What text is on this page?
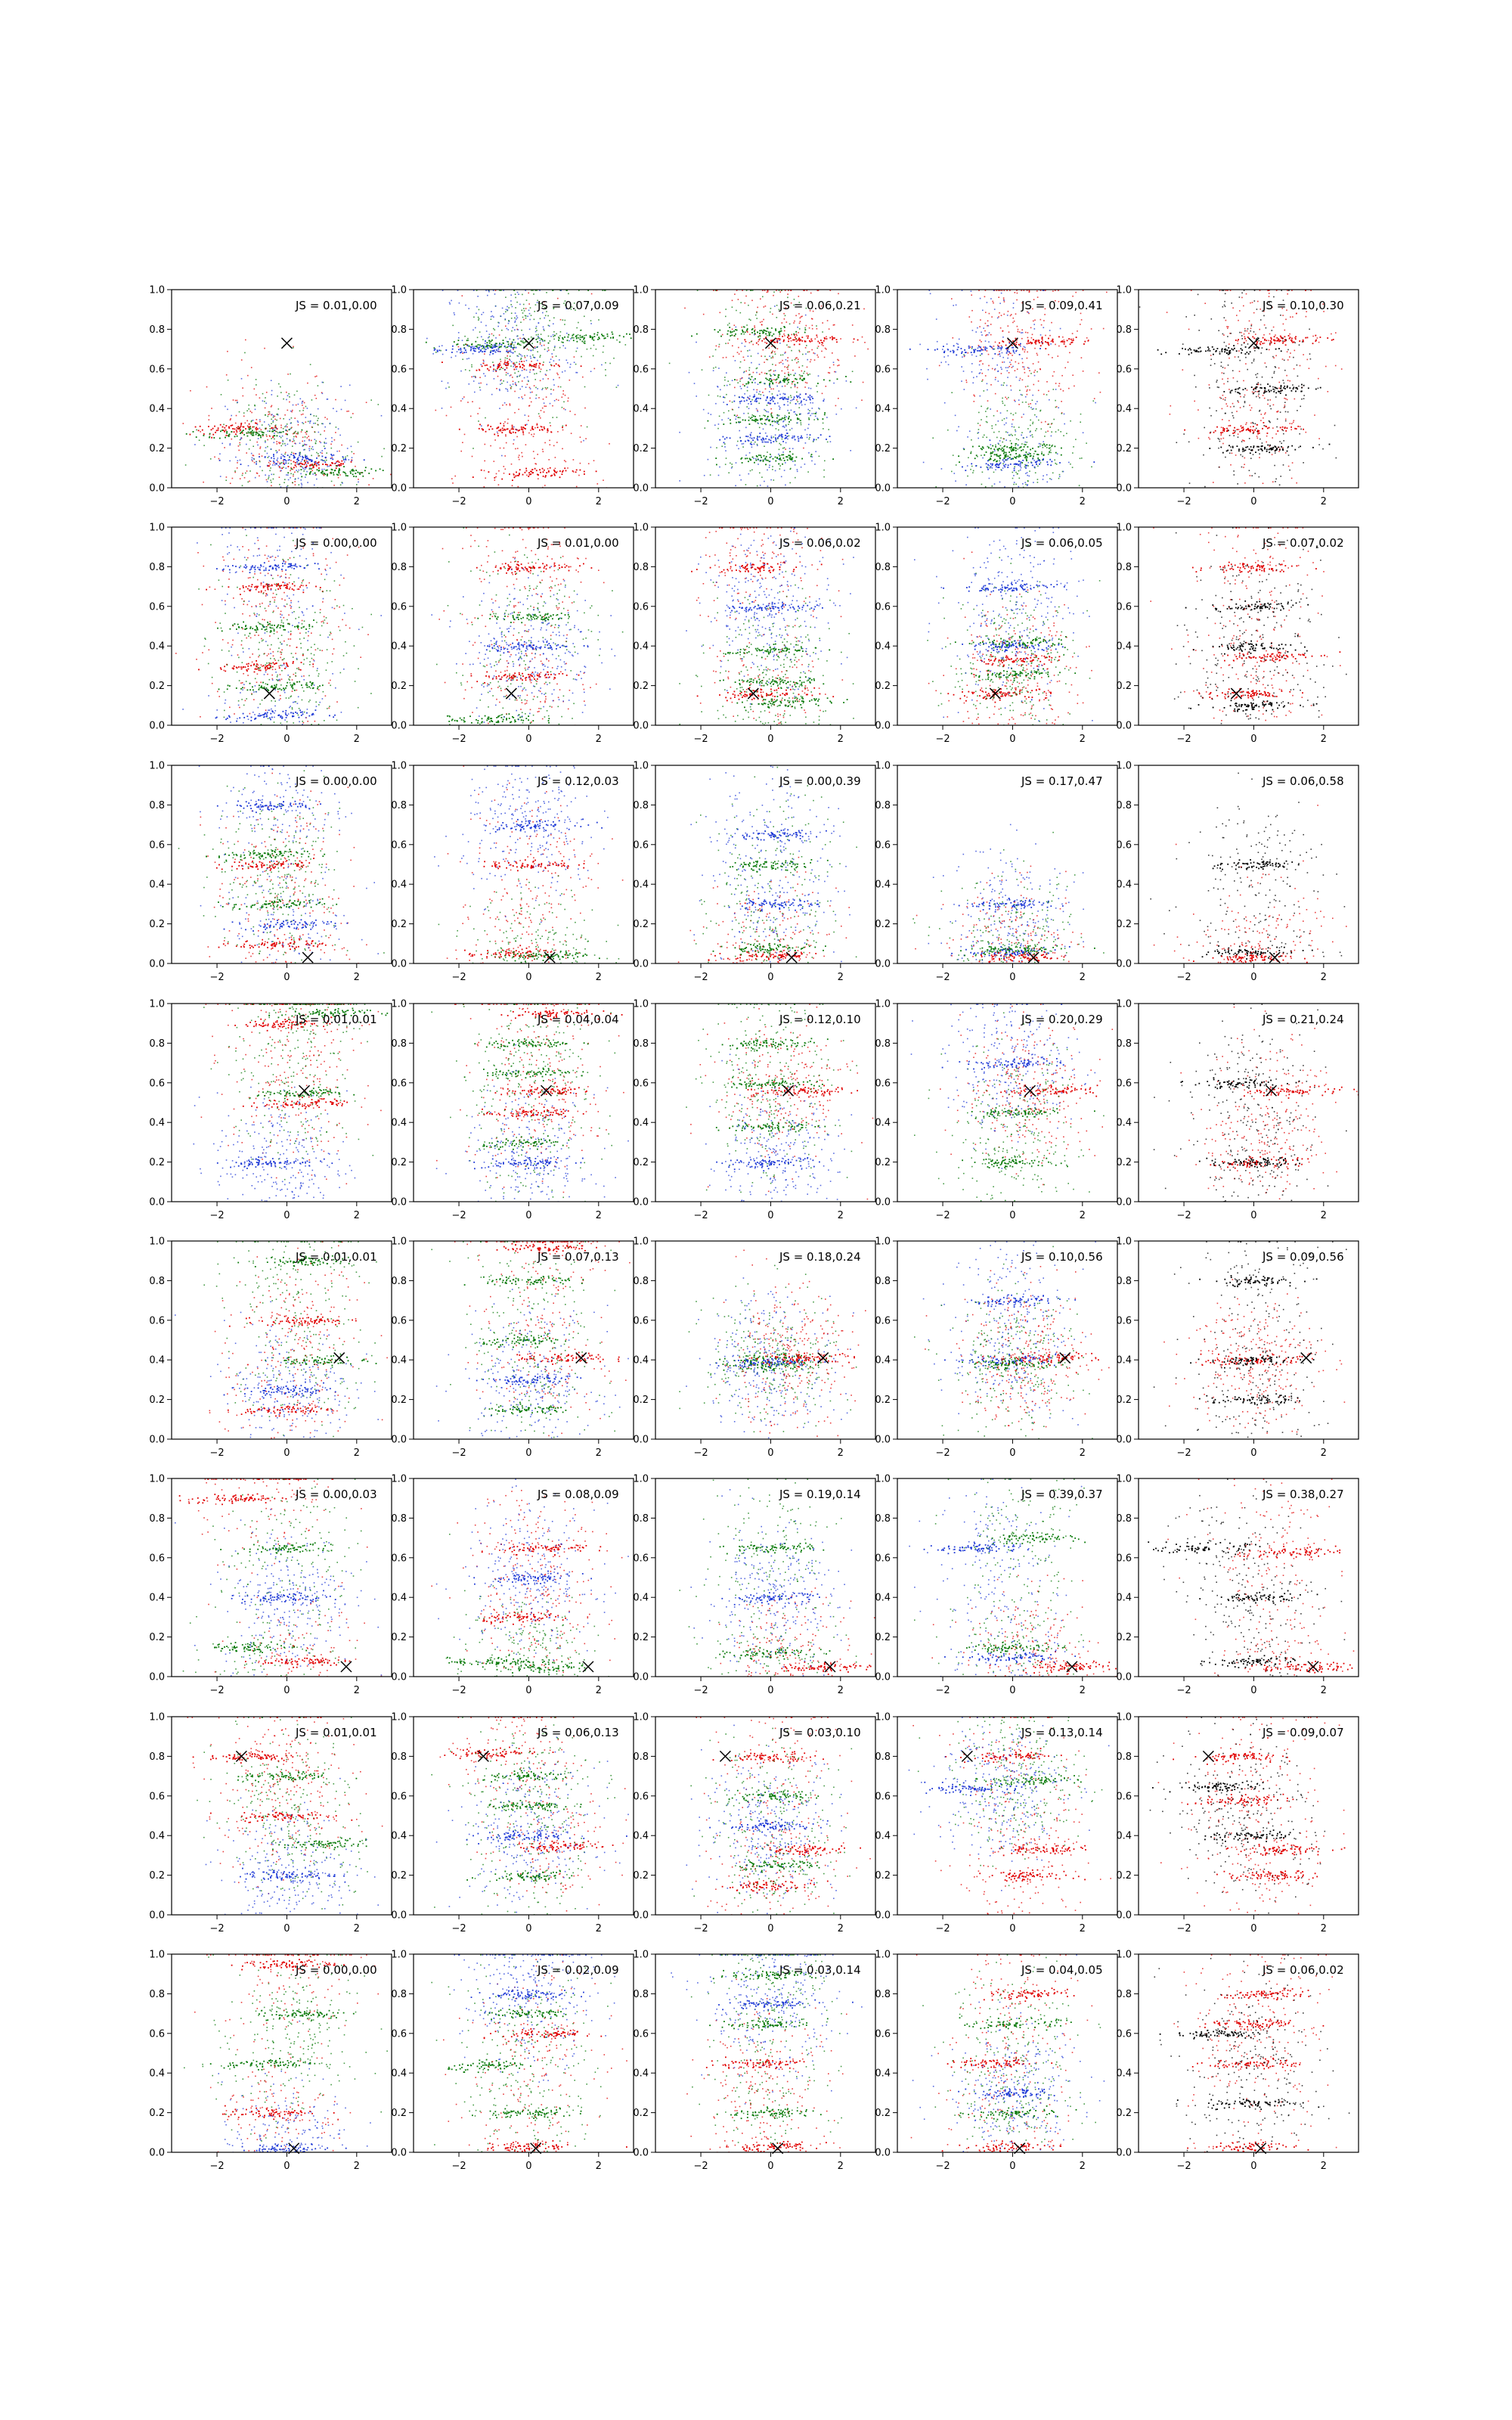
−2	0	2
0.0
0.2
0.4
0.6
0.8
1.0
JS = 0.01,0.00
−2	0	2
0.0
0.2
0.4
0.6
0.8
1.0
JS = 0.07,0.09
−2	0	2
0.0
0.2
0.4
0.6
0.8
1.0
JS = 0.06,0.21
−2	0	2
0.0
0.2
0.4
0.6
0.8
1.0
JS = 0.09,0.41
−2	0	2
0.0
0.2
0.4
0.6
0.8
1.0
JS = 0.10,0.30
−2	0	2
0.0
0.2
0.4
0.6
0.8
1.0
JS = 0.00,0.00
−2	0	2
0.0
0.2
0.4
0.6
0.8
1.0
JS = 0.01,0.00
−2	0	2
0.0
0.2
0.4
0.6
0.8
1.0
JS = 0.06,0.02
−2	0	2
0.0
0.2
0.4
0.6
0.8
1.0
JS = 0.06,0.05
−2	0	2
0.0
0.2
0.4
0.6
0.8
1.0
JS = 0.07,0.02
−2	0	2
0.0
0.2
0.4
0.6
0.8
1.0
JS = 0.00,0.00
−2	0	2
0.0
0.2
0.4
0.6
0.8
1.0
JS = 0.12,0.03
−2	0	2
0.0
0.2
0.4
0.6
0.8
1.0
JS = 0.00,0.39
−2	0	2
0.0
0.2
0.4
0.6
0.8
1.0
JS = 0.17,0.47
−2	0	2
0.0
0.2
0.4
0.6
0.8
1.0
JS = 0.06,0.58
−2	0	2
0.0
0.2
0.4
0.6
0.8
1.0
JS = 0.01,0.01
−2	0	2
0.0
0.2
0.4
0.6
0.8
1.0
JS = 0.04,0.04
−2	0	2
0.0
0.2
0.4
0.6
0.8
1.0
JS = 0.12,0.10
−2	0	2
0.0
0.2
0.4
0.6
0.8
1.0
JS = 0.20,0.29
−2	0	2
0.0
0.2
0.4
0.6
0.8
1.0
JS = 0.21,0.24
−2	0	2
0.0
0.2
0.4
0.6
0.8
1.0
JS = 0.01,0.01
−2	0	2
0.0
0.2
0.4
0.6
0.8
1.0
JS = 0.07,0.13
−2	0	2
0.0
0.2
0.4
0.6
0.8
1.0
JS = 0.18,0.24
−2	0	2
0.0
0.2
0.4
0.6
0.8
1.0
JS = 0.10,0.56
−2	0	2
0.0
0.2
0.4
0.6
0.8
1.0
JS = 0.09,0.56
−2	0	2
0.0
0.2
0.4
0.6
0.8
1.0
JS = 0.00,0.03
−2	0	2
0.0
0.2
0.4
0.6
0.8
1.0
JS = 0.08,0.09
−2	0	2
0.0
0.2
0.4
0.6
0.8
1.0
JS = 0.19,0.14
−2	0	2
0.0
0.2
0.4
0.6
0.8
1.0
JS = 0.39,0.37
−2	0	2
0.0
0.2
0.4
0.6
0.8
1.0
JS = 0.38,0.27
−2	0	2
0.0
0.2
0.4
0.6
0.8
1.0
JS = 0.01,0.01
−2	0	2
0.0
0.2
0.4
0.6
0.8
1.0
JS = 0.06,0.13
−2	0	2
0.0
0.2
0.4
0.6
0.8
1.0
JS = 0.03,0.10
−2	0	2
0.0
0.2
0.4
0.6
0.8
1.0
JS = 0.13,0.14
−2	0	2
0.0
0.2
0.4
0.6
0.8
1.0
JS = 0.09,0.07
−2	0	2
0.0
0.2
0.4
0.6
0.8
1.0
JS = 0.00,0.00
−2	0	2
0.0
0.2
0.4
0.6
0.8
1.0
JS = 0.02,0.09
−2	0	2
0.0
0.2
0.4
0.6
0.8
1.0
JS = 0.03,0.14
−2	0	2
0.0
0.2
0.4
0.6
0.8
1.0
JS = 0.04,0.05
−2	0	2
0.0
0.2
0.4
0.6
0.8
1.0
JS = 0.06,0.02
